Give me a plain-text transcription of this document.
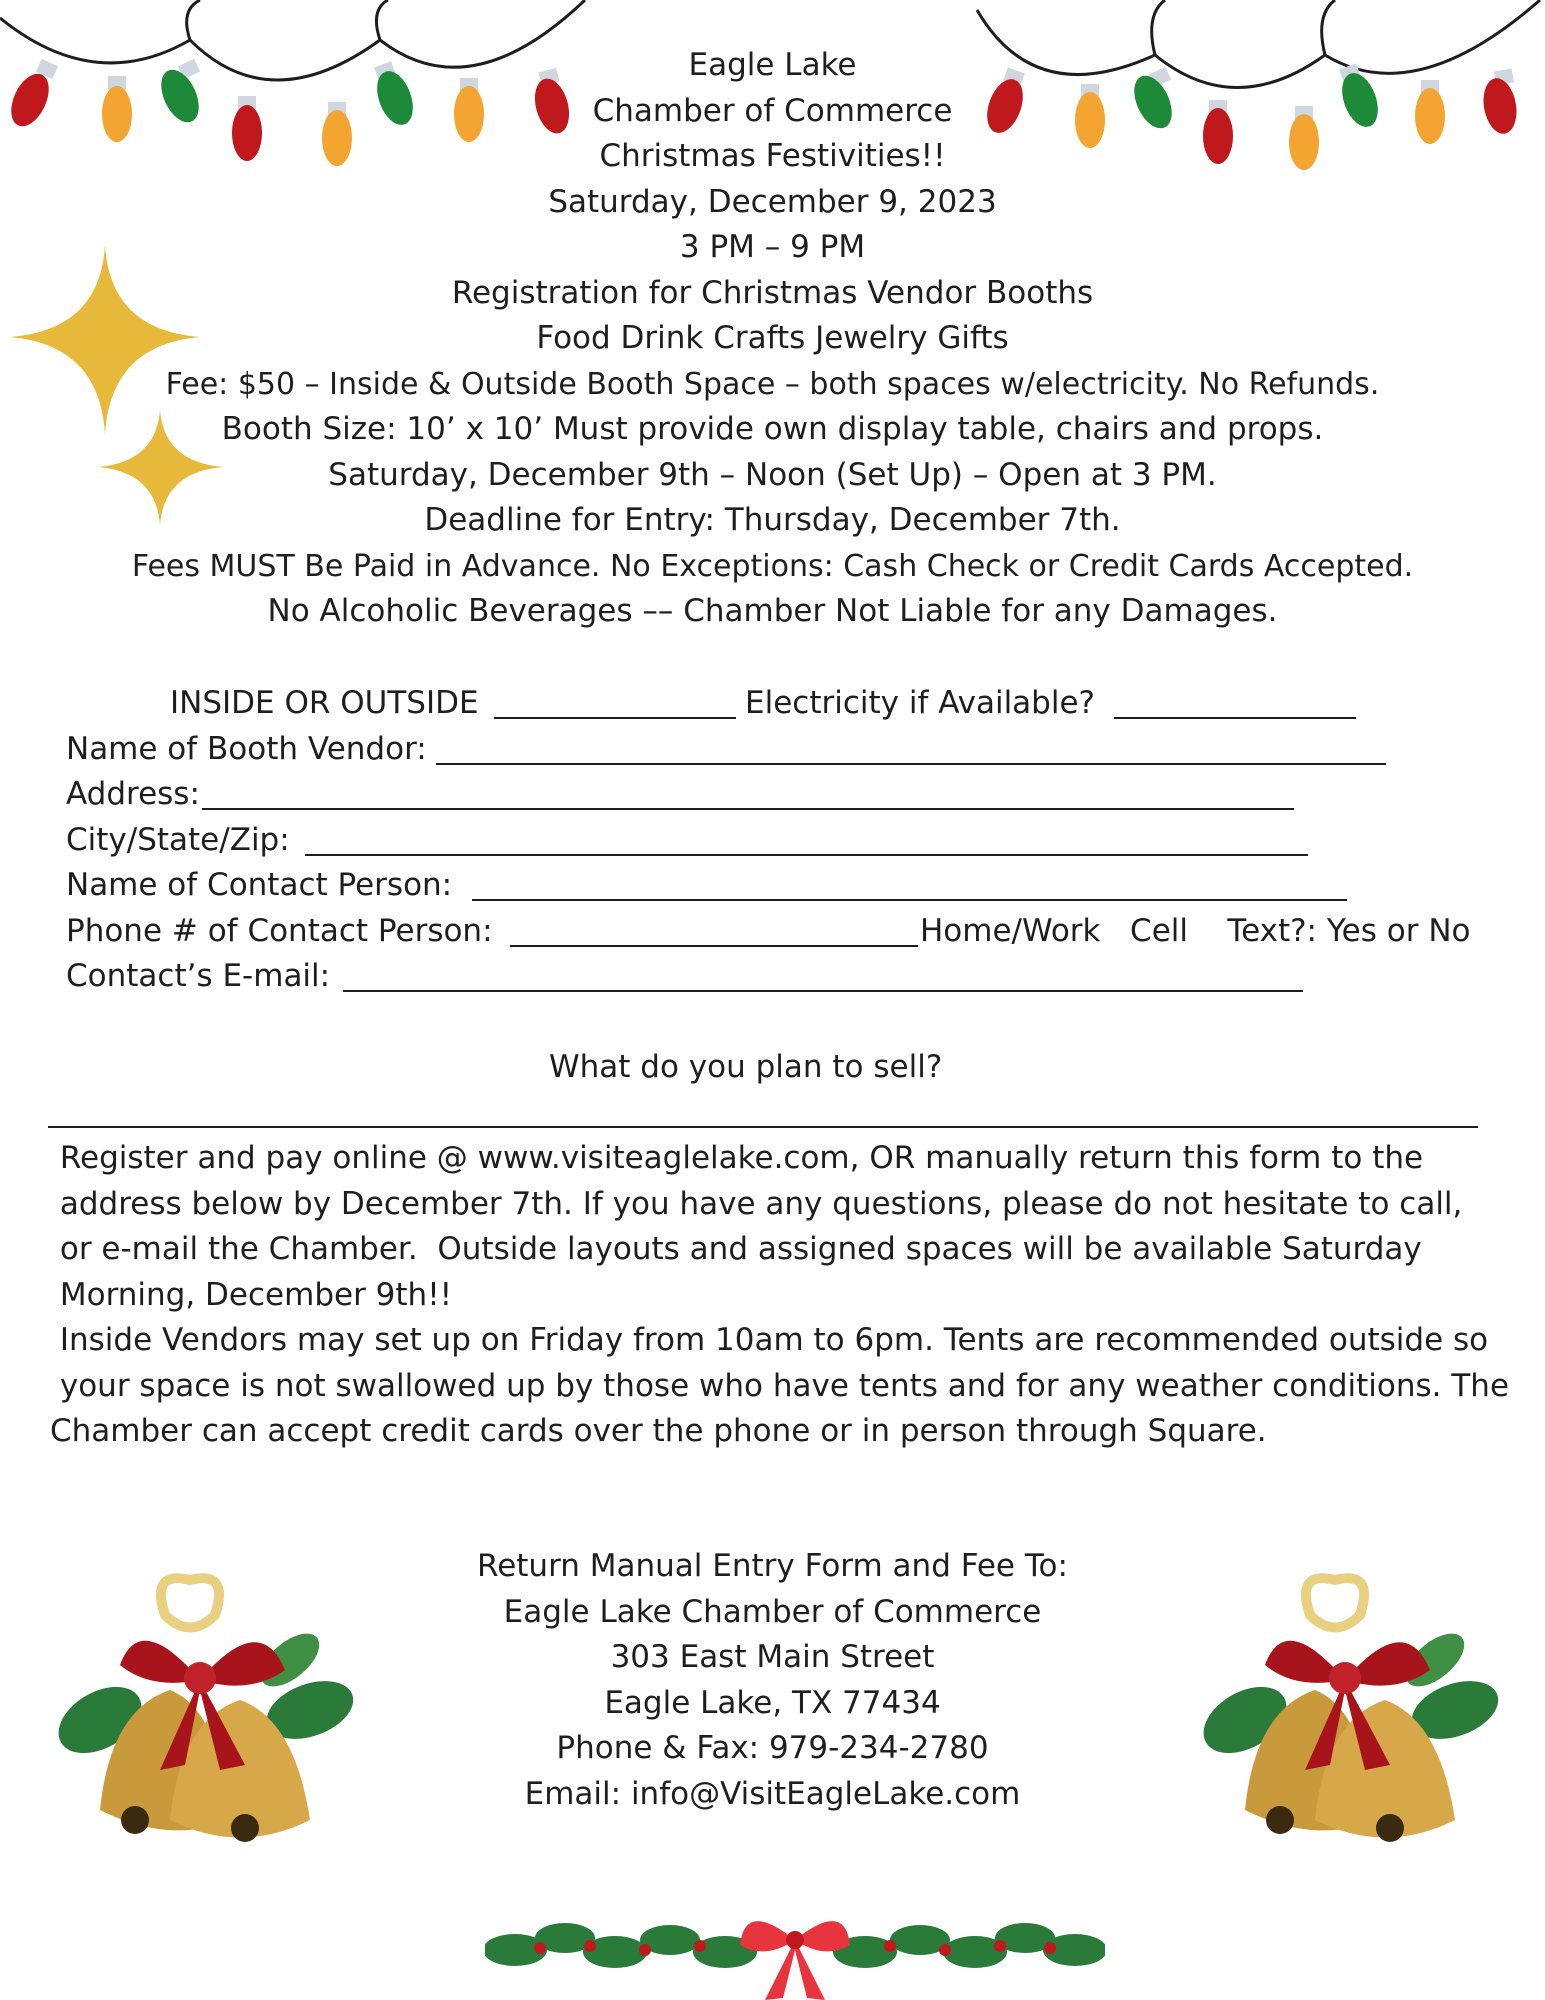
Eagle Lake
Chamber of Commerce
Christmas Festivities!!
Saturday, December 9, 2023
3 PM – 9 PM
Registration for Christmas Vendor Booths
Food Drink Crafts Jewelry Gifts
Fee: $50 – Inside & Outside Booth Space – both spaces w/electricity. No Refunds.
Booth Size: 10’ x 10’ Must provide own display table, chairs and props.
Saturday, December 9th – Noon (Set Up) – Open at 3 PM.
Deadline for Entry: Thursday, December 7th.
Fees MUST Be Paid in Advance. No Exceptions: Cash Check or Credit Cards Accepted.
No Alcoholic Beverages –– Chamber Not Liable for any Damages.
INSIDE OR OUTSIDE	Electricity if Available?
Name of Booth Vendor:
Address:
City/State/Zip:
Name of Contact Person:
Phone # of Contact Person:	Home/Work   Cell    Text?: Yes or No
Contact’s E-mail:
What do you plan to sell?
Register and pay online @ www.visiteaglelake.com, OR manually return this form to the
address below by December 7th. If you have any questions, please do not hesitate to call,
or e-mail the Chamber.  Outside layouts and assigned spaces will be available Saturday
Morning, December 9th!!
Inside Vendors may set up on Friday from 10am to 6pm. Tents are recommended outside so
your space is not swallowed up by those who have tents and for any weather conditions. The
Chamber can accept credit cards over the phone or in person through Square.
Return Manual Entry Form and Fee To:
Eagle Lake Chamber of Commerce
303 East Main Street
Eagle Lake, TX 77434
Phone & Fax: 979-234-2780
Email: info@VisitEagleLake.com
